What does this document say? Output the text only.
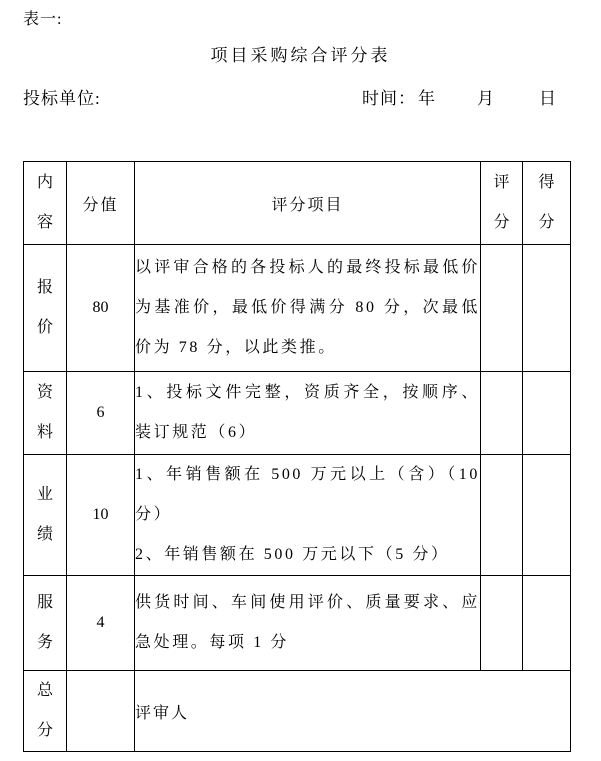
表一:
项目采购综合评分表
投标单位:	时间： 年 月	日
内容	分值	评分项目	评分	得分

报价	80	以评审合格的各投标人的最终投标最低价为基准价，最低价得满分 80 分，次最低价为 78 分，以此类推。		

资料	6	1、投标文件完整，资质齐全，按顺序、装订规范（6）		

业绩	10	1、年销售额在 500 万元以上（含）（10 分）
2、年销售额在 500 万元以下（5 分）		

服务	4	供货时间、车间使用评价、质量要求、应急处理。每项 1 分		

总分		评审人		
